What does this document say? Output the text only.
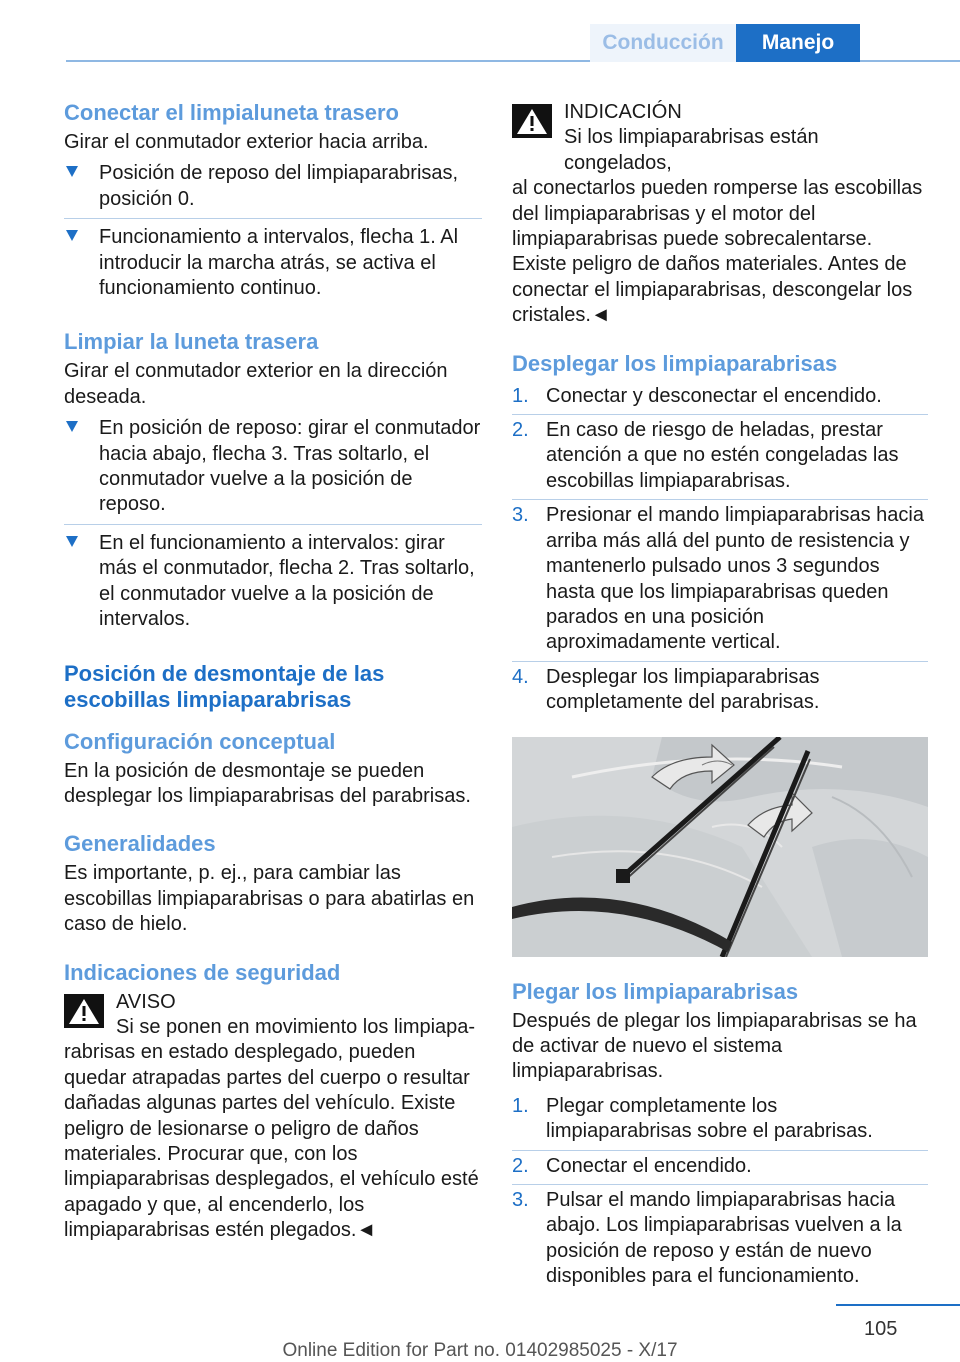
Conducción	Manejo
Conectar el limpialuneta trasero

Girar el conmutador exterior hacia arriba.

Posición de reposo del limpiaparabrisas, posición 0.
Funcionamiento a intervalos, flecha 1. Al introducir la marcha atrás, se activa el funcionamiento continuo.
Limpiar la luneta trasera

Girar el conmutador exterior en la dirección deseada.

En posición de reposo: girar el conmutador hacia abajo, flecha 3. Tras soltarlo, el conmutador vuelve a la posición de reposo.
En el funcionamiento a intervalos: girar más el conmutador, flecha 2. Tras soltarlo, el conmutador vuelve a la posición de intervalos.
Posición de desmontaje de las escobillas limpiaparabrisas
Configuración conceptual

En la posición de desmontaje se pueden desplegar los limpiaparabrisas del parabrisas.

Generalidades

Es importante, p. ej., para cambiar las escobillas limpiaparabrisas o para abatirlas en caso de hielo.

Indicaciones de seguridad
AVISO
Si se ponen en movimiento los limpiapa-
rabrisas en estado desplegado, pueden quedar atrapadas partes del cuerpo o resultar dañadas algunas partes del vehículo. Existe peligro de lesionarse o peligro de daños materiales. Procurar que, con los limpiaparabrisas desplegados, el vehículo esté apagado y que, al encenderlo, los limpiaparabrisas estén plegados.◄
INDICACIÓN
Si los limpiaparabrisas están congelados,
al conectarlos pueden romperse las escobillas del limpiaparabrisas y el motor del limpiaparabrisas puede sobrecalentarse. Existe peligro de daños materiales. Antes de conectar el limpiaparabrisas, descongelar los cristales.◄
Desplegar los limpiaparabrisas
1. Conectar y desconectar el encendido.
2. En caso de riesgo de heladas, prestar atención a que no estén congeladas las escobillas limpiaparabrisas.
3. Presionar el mando limpiaparabrisas hacia arriba más allá del punto de resistencia y mantenerlo pulsado unos 3 segundos hasta que los limpiaparabrisas queden parados en una posición aproximadamente vertical.
4. Desplegar los limpiaparabrisas completamente del parabrisas.
Plegar los limpiaparabrisas

Después de plegar los limpiaparabrisas se ha de activar de nuevo el sistema limpiaparabrisas.

1. Plegar completamente los limpiaparabrisas sobre el parabrisas.
2. Conectar el encendido.
3. Pulsar el mando limpiaparabrisas hacia abajo. Los limpiaparabrisas vuelven a la posición de reposo y están de nuevo disponibles para el funcionamiento.
105
Online Edition for Part no. 01402985025 - X/17
